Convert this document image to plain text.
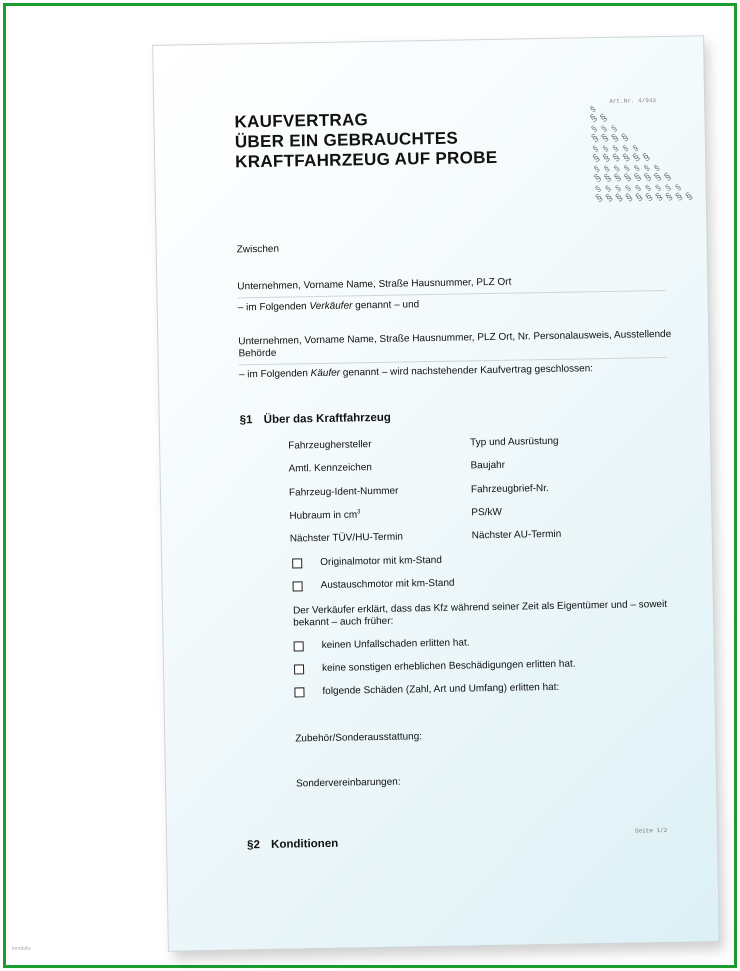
KAUFVERTRAG
ÜBER EIN GEBRAUCHTES
KRAFTFAHRZEUG AUF PROBE
Art.Nr. 4/943
§
§ §
§ § §
§ § § §
§ § § § §
§ § § § § §
§ § § § § § §
§ § § § § § § §
§ § § § § § § § §
§ § § § § § § § § §
Zwischen
Unternehmen, Vorname Name, Straße Hausnummer, PLZ Ort
– im Folgenden Verkäufer genannt – und
Unternehmen, Vorname Name, Straße Hausnummer, PLZ Ort, Nr. Personalausweis, Ausstellende
Behörde
– im Folgenden Käufer genannt – wird nachstehender Kaufvertrag geschlossen:
§1 Über das Kraftfahrzeug
Fahrzeughersteller
Amtl. Kennzeichen
Fahrzeug-Ident-Nummer
Hubraum in $cm^3$
Nächster TÜV/HU-Termin
Typ und Ausrüstung
Baujahr
Fahrzeugbrief-Nr.
PS/kW
Nächster AU-Termin
Originalmotor mit km-Stand
Austauschmotor mit km-Stand
Der Verkäufer erklärt, dass das Kfz während seiner Zeit als Eigentümer und – soweit
bekannt – auch früher:
keinen Unfallschaden erlitten hat.
keine sonstigen erheblichen Beschädigungen erlitten hat.
folgende Schäden (Zahl, Art und Umfang) erlitten hat:
Zubehör/Sonderausstattung:
Sondervereinbarungen:
§2 Konditionen
Seite 1/2
formblitz
